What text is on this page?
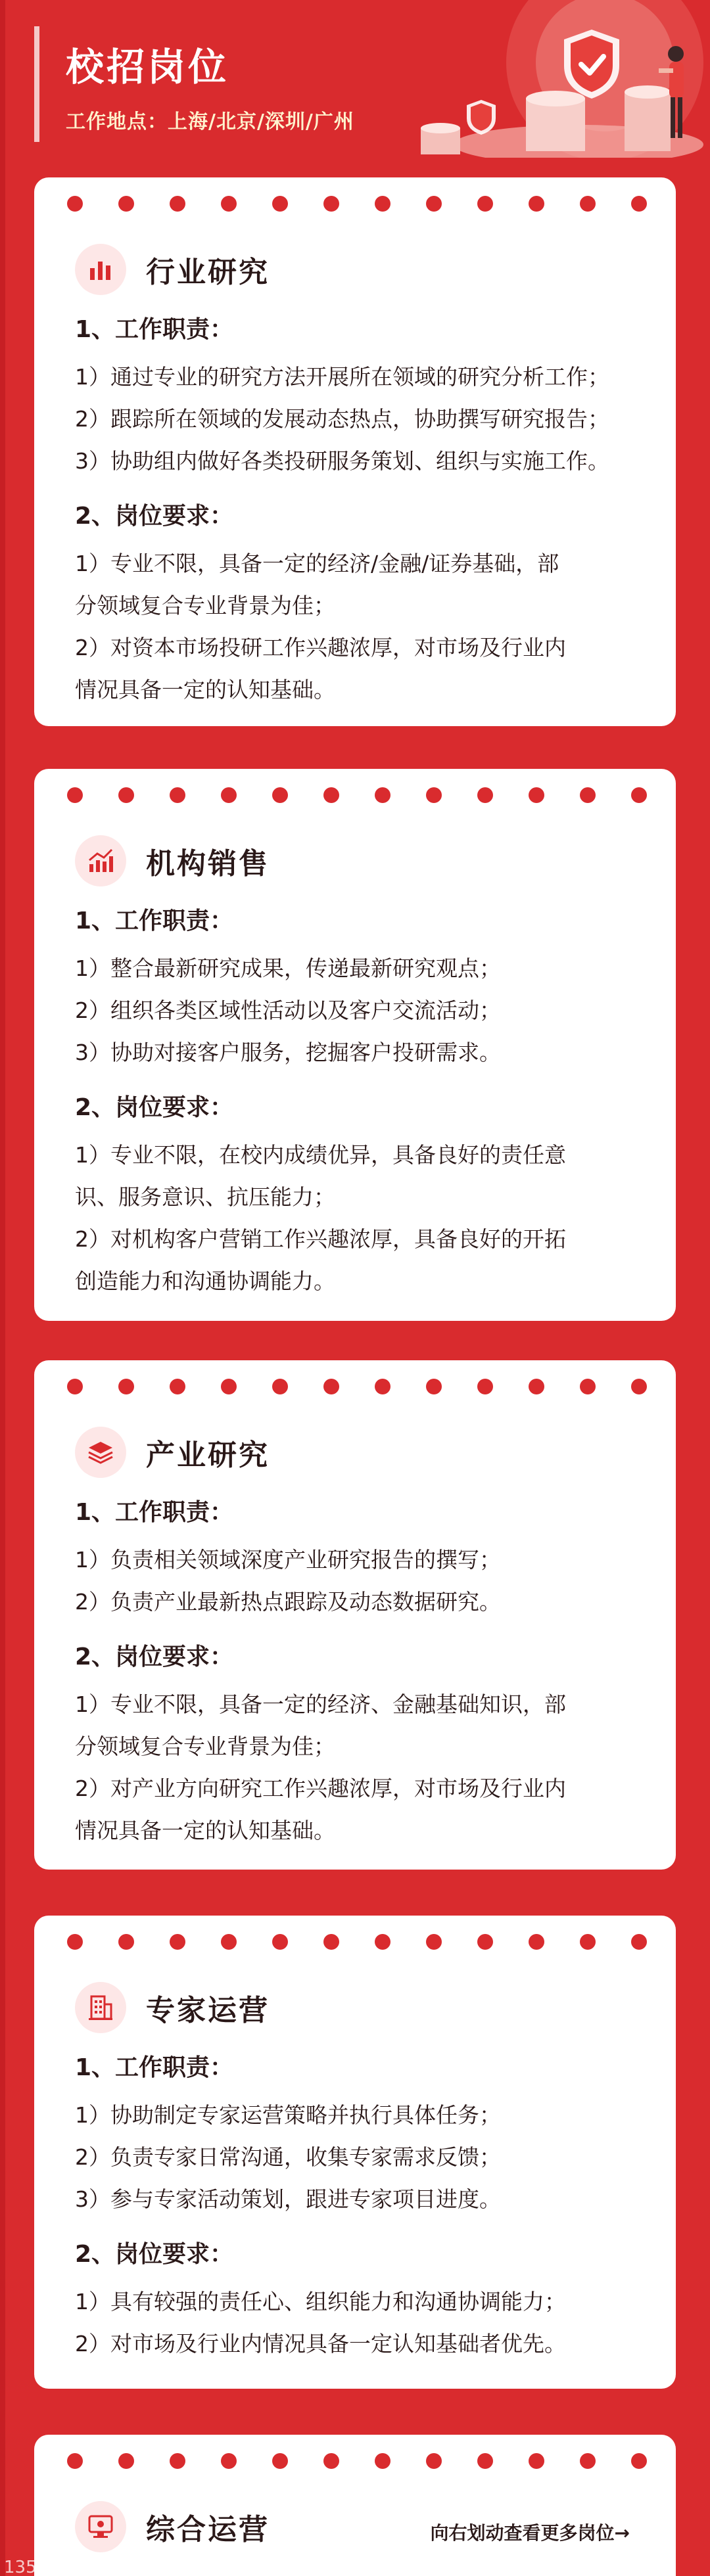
校招岗位
工作地点：上海/北京/深圳/广州
行业研究
1、工作职责：
1）通过专业的研究方法开展所在领域的研究分析工作；
2）跟踪所在领域的发展动态热点，协助撰写研究报告；
3）协助组内做好各类投研服务策划、组织与实施工作。
2、岗位要求：
1）专业不限，具备一定的经济/金融/证券基础，部
分领域复合专业背景为佳；
2）对资本市场投研工作兴趣浓厚，对市场及行业内
情况具备一定的认知基础。
机构销售
1、工作职责：
1）整合最新研究成果，传递最新研究观点；
2）组织各类区域性活动以及客户交流活动；
3）协助对接客户服务，挖掘客户投研需求。
2、岗位要求：
1）专业不限，在校内成绩优异，具备良好的责任意
识、服务意识、抗压能力；
2）对机构客户营销工作兴趣浓厚，具备良好的开拓
创造能力和沟通协调能力。
产业研究
1、工作职责：
1）负责相关领域深度产业研究报告的撰写；
2）负责产业最新热点跟踪及动态数据研究。
2、岗位要求：
1）专业不限，具备一定的经济、金融基础知识，部
分领域复合专业背景为佳；
2）对产业方向研究工作兴趣浓厚，对市场及行业内
情况具备一定的认知基础。
专家运营
1、工作职责：
1）协助制定专家运营策略并执行具体任务；
2）负责专家日常沟通，收集专家需求反馈；
3）参与专家活动策划，跟进专家项目进度。
2、岗位要求：
1）具有较强的责任心、组织能力和沟通协调能力；
2）对市场及行业内情况具备一定认知基础者优先。
综合运营	向右划动查看更多岗位→
135编辑器
